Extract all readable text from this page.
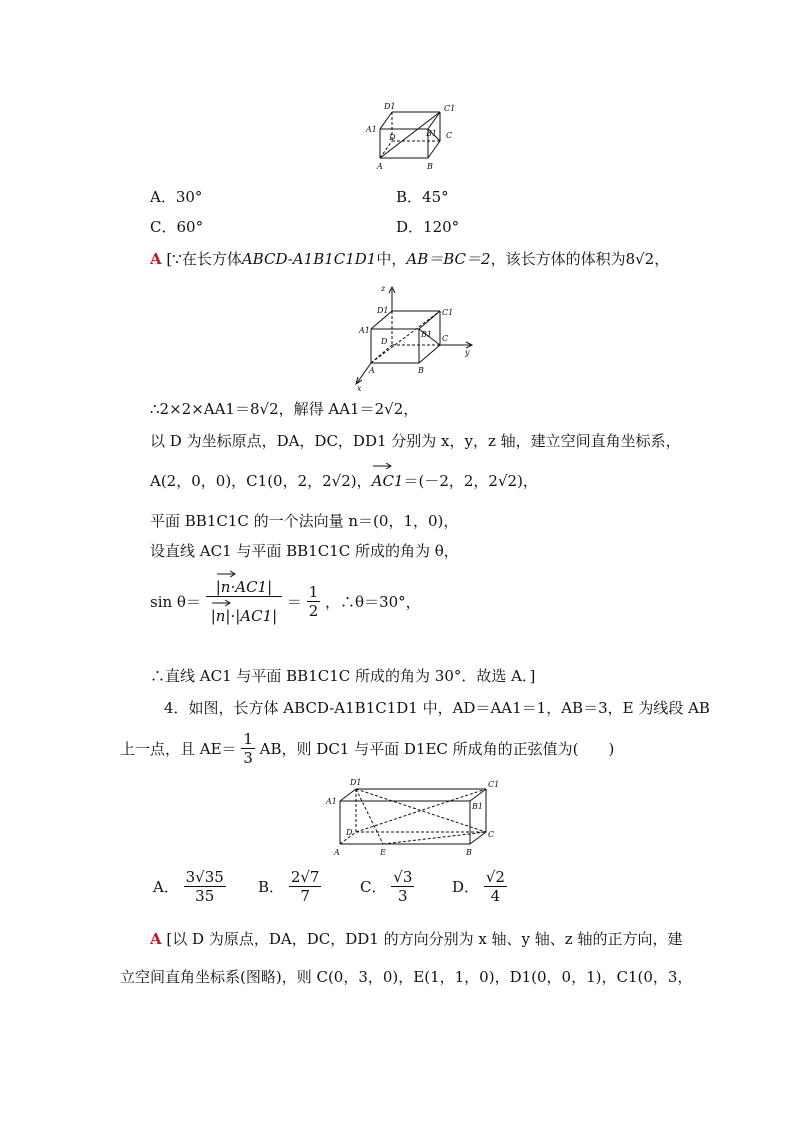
D1	C1
A1	B1 C
D
A	B
A．30°	B．45°
C．60°	D．120°
A [∵在长方体ABCD-A1B1C1D1中，AB＝BC＝2，该长方体的体积为8√2，
z
D1	C1
A1	B1
D	C
y
A	B
x
∴2×2×AA1＝8√2，解得 AA1＝2√2，
以 D 为坐标原点，DA，DC，DD1 分别为 x，y，z 轴，建立空间直角坐标系，
A(2，0，0)，C1(0，2，2√2)，
AC1＝(－2，2，2√2)，
平面 BB1C1C 的一个法向量 n＝(0，1，0)，
设直线 AC1 与平面 BB1C1C 所成的角为 θ，
$\sin \theta= \frac{|n\cdot AC1|}{|n|\cdot|AC1|} = \frac{1}{2}$ ，∴θ＝30°，
∴直线 AC1 与平面 BB1C1C 所成的角为 30°．故选 A．]
4．如图，长方体 ABCD-A1B1C1D1 中，AD＝AA1＝1，AB＝3，E 为线段 AB
上一点，且 $AE= \frac{1}{3}$ AB，则 DC1 与平面 D1EC 所成角的正弦值为(　　)
D1	C1
A1
B1
D	C
A	E	B
A． $\frac{3√35}{35}$ B． $\frac{2√7}{7}$	C． $\frac{√3}{3}$	D． $\frac{√2}{4}$
A [以 D 为原点，DA，DC，DD1 的方向分别为 x 轴、y 轴、z 轴的正方向，建
立空间直角坐标系(图略)，则 C(0，3，0)，E(1，1，0)，D1(0，0，1)，C1(0，3，
